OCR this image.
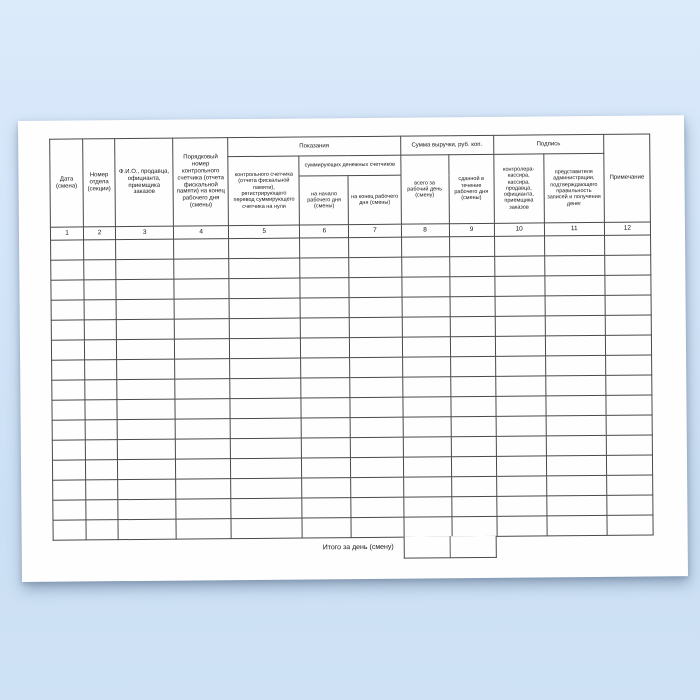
Дата (смена)	Номер отдела (секции)	Ф.И.О., продавца, официанта, приемщика заказов	Порядковый номер контрольного счетчика (отчета фискальной памяти) на конец рабочего дня (смены)	Показания			Сумма выручки, руб. коп.		Подпись		Примечание
				контрольного счетчика (отчета фискальной памяти), регистрирующего перевод суммирующего счетчика на нули	суммирующих денежных счетчиков		всего за рабочий день (смену)	сданной в течение рабочего дня (смены)	контролера-кассира, кассира, продавца, официанта, приемщика заказов	представителя администрации, подтверждающего правильность записей и получения денег	
					на начало рабочего дня (смены)	на конец рабочего дня (смены)					
1	2	3	4	5	6	7	8	9	10	11	12

Итого за день (смену)
